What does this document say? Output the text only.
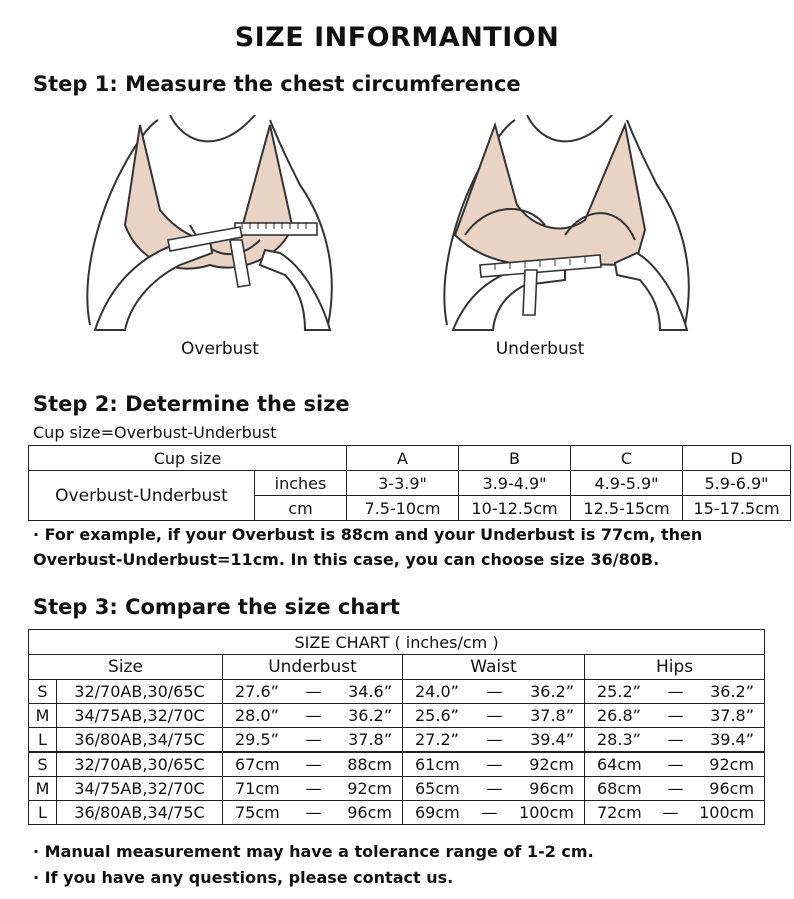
SIZE INFORMANTION
Step 1: Measure the chest circumference
Overbust	Underbust
Step 2: Determine the size
Cup size=Overbust-Underbust
Cup size		A	B	C	D
Overbust-Underbust	inches	3-3.9"	3.9-4.9"	4.9-5.9"	5.9-6.9"
	cm	7.5-10cm	10-12.5cm	12.5-15cm	15-17.5cm
· For example, if your Overbust is 88cm and your Underbust is 77cm, then
Overbust-Underbust=11cm. In this case, you can choose size 36/80B.
Step 3: Compare the size chart
SIZE CHART ( inches/cm )				
Size		Underbust	Waist	Hips
S	32/70AB,30/65C	27.6” — 34.6”	24.0” — 36.2”	25.2” — 36.2”

M	34/75AB,32/70C	28.0” — 36.2”	25.6” — 37.8”	26.8” — 37.8”

L	36/80AB,34/75C	29.5” — 37.8”	27.2” — 39.4”	28.3” — 39.4”

S	32/70AB,30/65C	67cm — 88cm	61cm — 92cm	64cm — 92cm

M	34/75AB,32/70C	71cm — 92cm	65cm — 96cm	68cm — 96cm

L	36/80AB,34/75C	75cm — 96cm	69cm — 100cm	72cm — 100cm
· Manual measurement may have a tolerance range of 1-2 cm.
· If you have any questions, please contact us.
